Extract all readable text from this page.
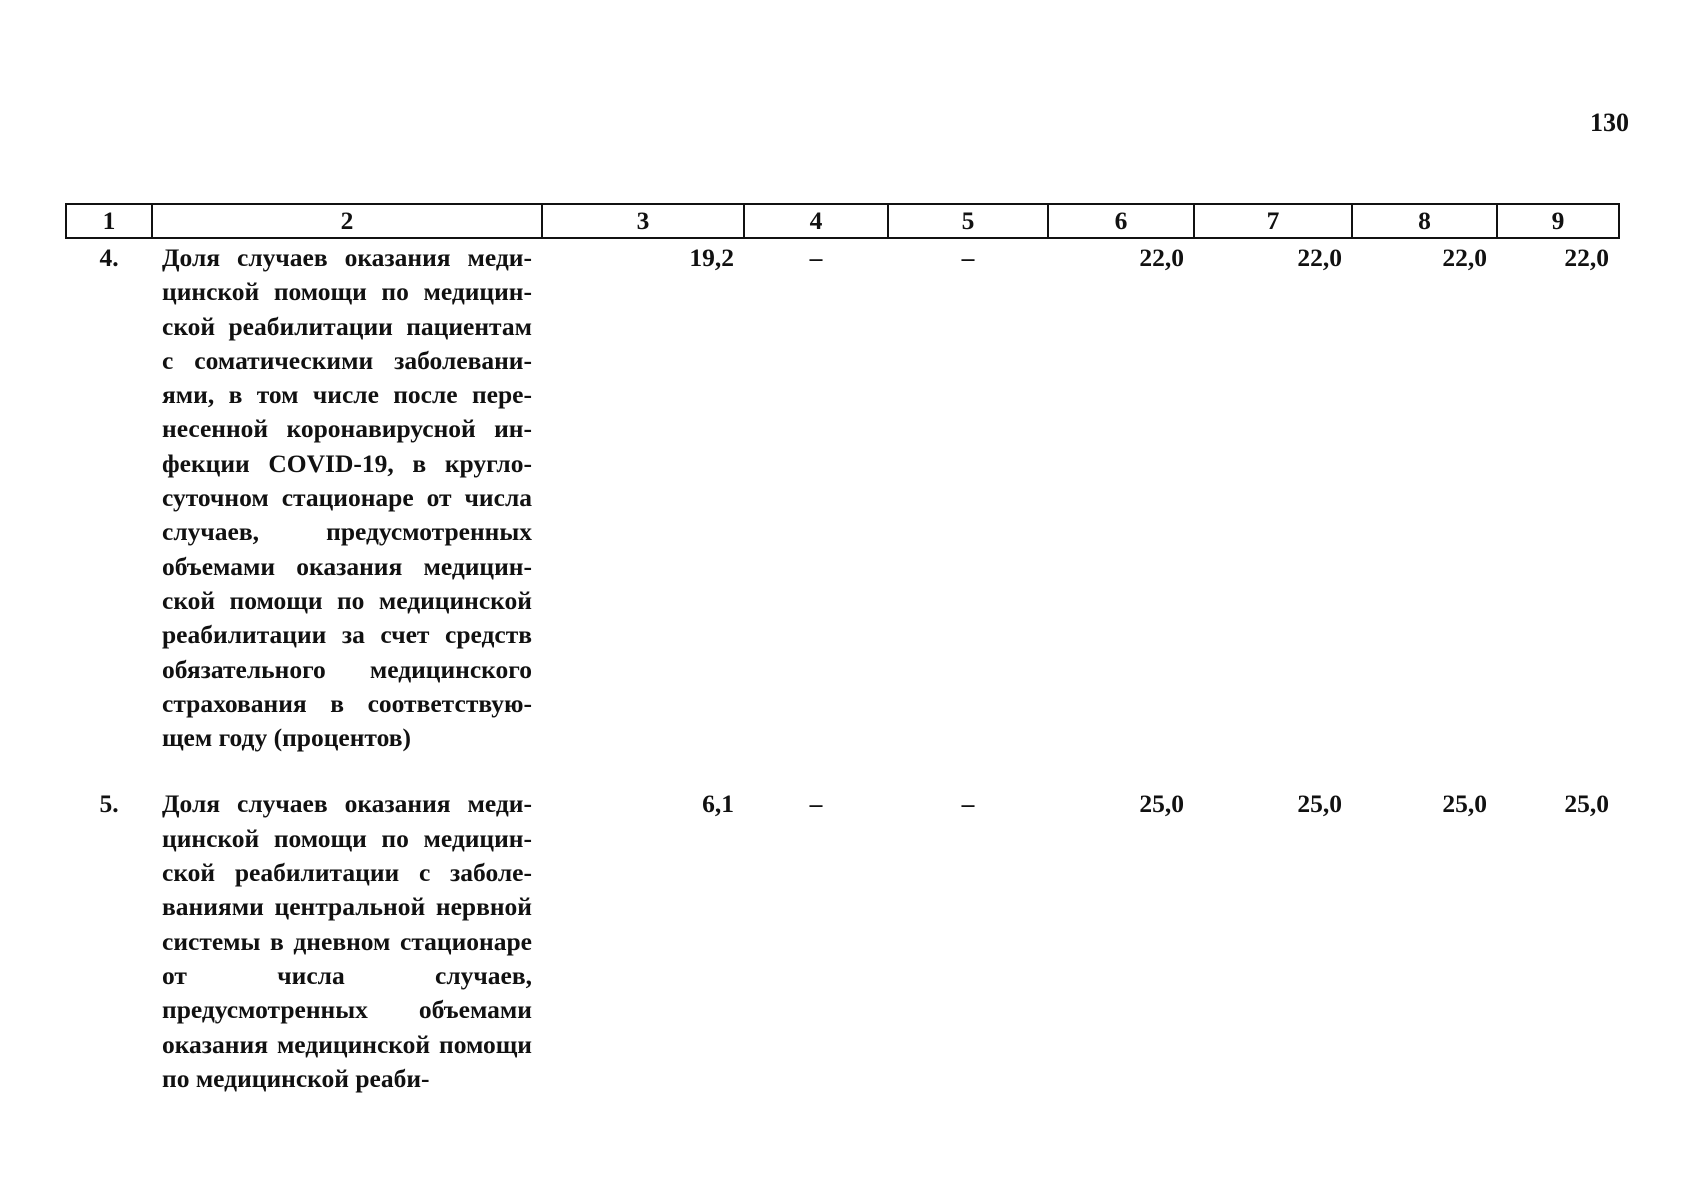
130
1	2	3	4	5	6	7	8	9
4.	Доля случаев оказания медицинской помощи по медицинской реабилитации пациентам с соматическими заболеваниями, в том числе после перенесенной коронавирусной инфекции COVID-19, в круглосуточном стационаре от числа случаев, предусмотренных объемами оказания медицинской помощи по медицинской реабилитации за счет средств обязательного медицинского страхования в соответствующем году (процентов)	19,2	–	–	22,0	22,0	22,0	22,0

5.	Доля случаев оказания медицинской помощи по медицинской реабилитации с заболеваниями центральной нервной системы в дневном стационаре от числа случаев, предусмотренных объемами оказания медицинской помощи по медицинской реаби-	6,1	–	–	25,0	25,0	25,0	25,0
